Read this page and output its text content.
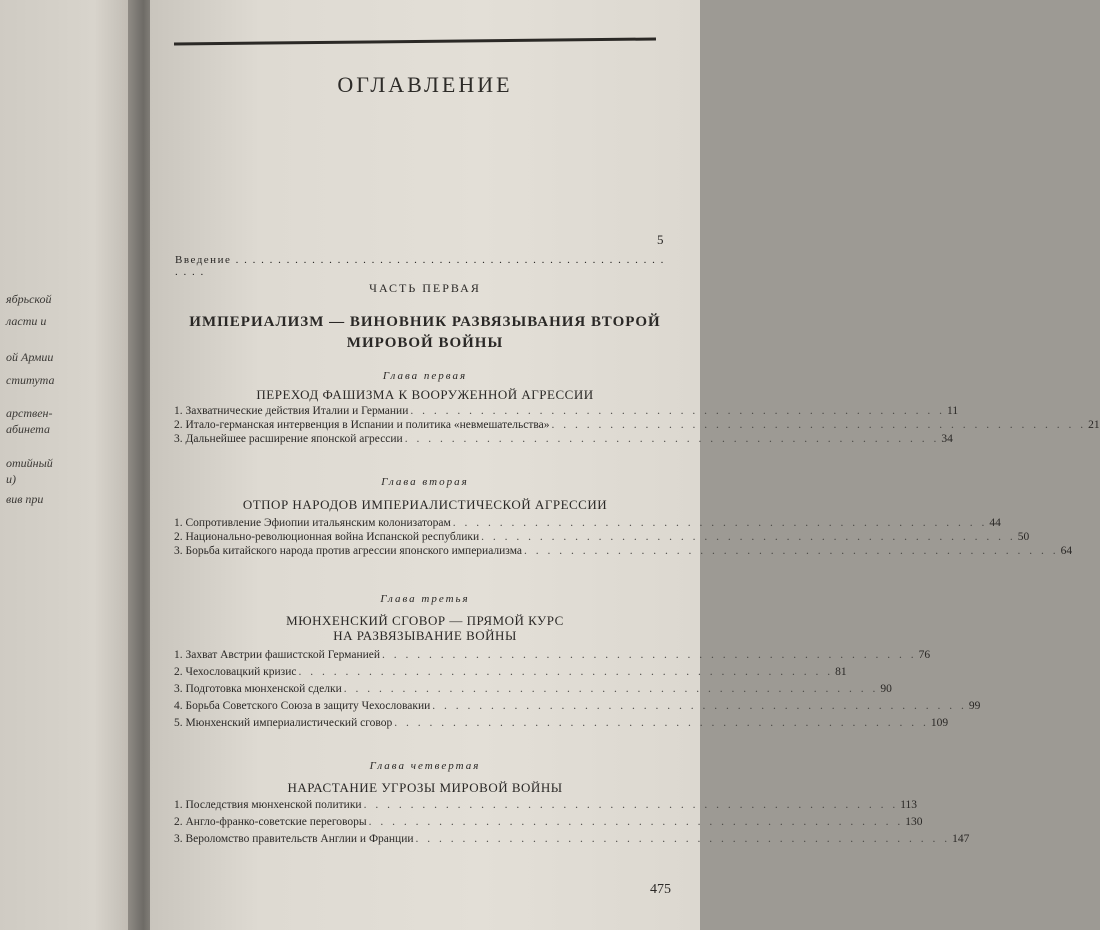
ябрьской
ласти и
ой Армии
ститута
арствен-
абинета
отийный
и)
вив при
ОГЛАВЛЕНИЕ
5
Введение . . . . . . . . . . . . . . . . . . . . . . . . . . . . . . . . . . . . . . . . . . . . . . . . . . . . . . .
ЧАСТЬ ПЕРВАЯ
ИМПЕРИАЛИЗМ — ВИНОВНИК РАЗВЯЗЫВАНИЯ ВТОРОЙ
МИРОВОЙ ВОЙНЫ
Глава первая
ПЕРЕХОД ФАШИЗМА К ВООРУЖЕННОЙ АГРЕССИИ
1. Захватнические действия Италии и Германии . . . . . . . . . . . . . . . . . . . . . . . . . . . . . . . . . . . . . . . . . . . . . . 11
2. Итало-германская интервенция в Испании и политика «невмешательства» . . . . . . . . . . . . . . . . . . . . . . . . . . . . . . . . . . . . . . . . . . . . . . 21
3. Дальнейшее расширение японской агрессии . . . . . . . . . . . . . . . . . . . . . . . . . . . . . . . . . . . . . . . . . . . . . . 34
Глава вторая
ОТПОР НАРОДОВ ИМПЕРИАЛИСТИЧЕСКОЙ АГРЕССИИ
1. Сопротивление Эфиопии итальянским колонизаторам . . . . . . . . . . . . . . . . . . . . . . . . . . . . . . . . . . . . . . . . . . . . . . 44
2. Национально-революционная война Испанской республики . . . . . . . . . . . . . . . . . . . . . . . . . . . . . . . . . . . . . . . . . . . . . . 50
3. Борьба китайского народа против агрессии японского империализма . . . . . . . . . . . . . . . . . . . . . . . . . . . . . . . . . . . . . . . . . . . . . . 64
Глава третья
МЮНХЕНСКИЙ СГОВОР — ПРЯМОЙ КУРС
НА РАЗВЯЗЫВАНИЕ ВОЙНЫ
1. Захват Австрии фашистской Германией . . . . . . . . . . . . . . . . . . . . . . . . . . . . . . . . . . . . . . . . . . . . . . 76
2. Чехословацкий кризис . . . . . . . . . . . . . . . . . . . . . . . . . . . . . . . . . . . . . . . . . . . . . . 81
3. Подготовка мюнхенской сделки . . . . . . . . . . . . . . . . . . . . . . . . . . . . . . . . . . . . . . . . . . . . . . 90
4. Борьба Советского Союза в защиту Чехословакии . . . . . . . . . . . . . . . . . . . . . . . . . . . . . . . . . . . . . . . . . . . . . . 99
5. Мюнхенский империалистический сговор . . . . . . . . . . . . . . . . . . . . . . . . . . . . . . . . . . . . . . . . . . . . . . 109
Глава четвертая
НАРАСТАНИЕ УГРОЗЫ МИРОВОЙ ВОЙНЫ
1. Последствия мюнхенской политики . . . . . . . . . . . . . . . . . . . . . . . . . . . . . . . . . . . . . . . . . . . . . . 113
2. Англо-франко-советские переговоры . . . . . . . . . . . . . . . . . . . . . . . . . . . . . . . . . . . . . . . . . . . . . . 130
3. Вероломство правительств Англии и Франции . . . . . . . . . . . . . . . . . . . . . . . . . . . . . . . . . . . . . . . . . . . . . . 147
475
